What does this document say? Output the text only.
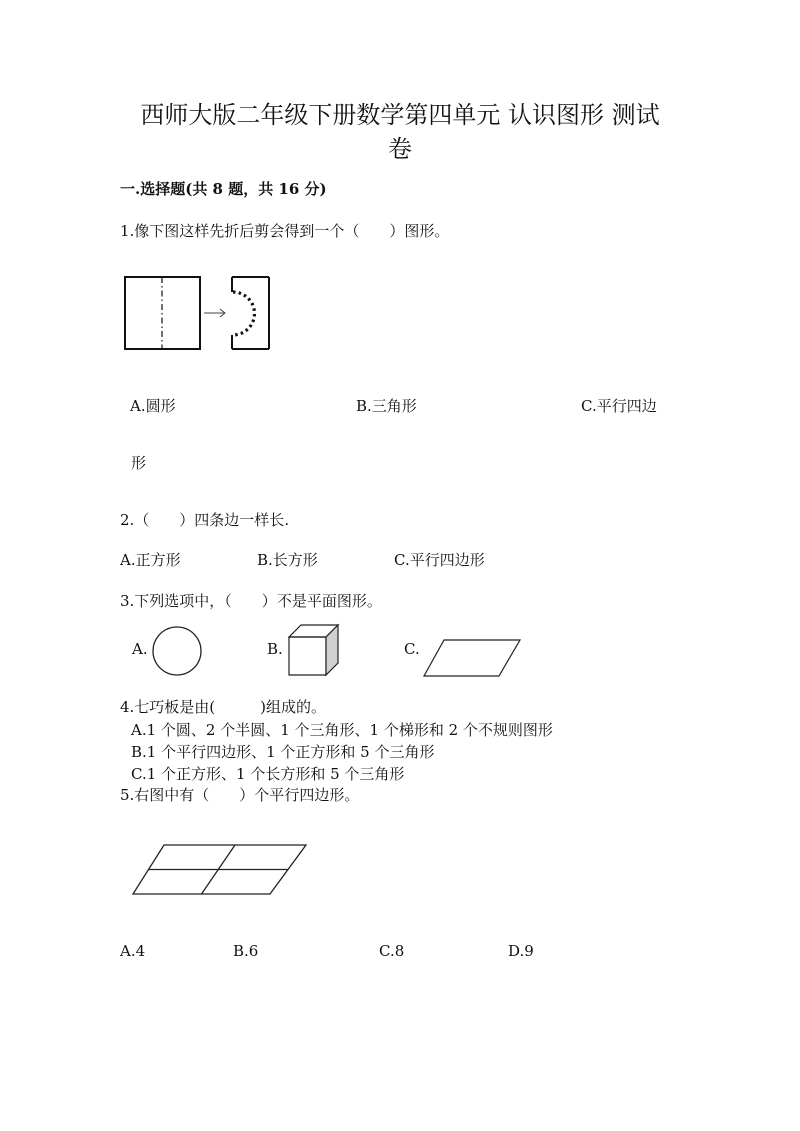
西师大版二年级下册数学第四单元 认识图形 测试
卷
一.选择题(共 8 题，共 16 分)
1.像下图这样先折后剪会得到一个（　　）图形。
A.圆形	B.三角形	C.平行四边
形
2.（　　）四条边一样长.
A.正方形	B.长方形	C.平行四边形
3.下列选项中，（　　）不是平面图形。
A.	B.	C.
4.七巧板是由(　　　)组成的。
A.1 个圆、2 个半圆、1 个三角形、1 个梯形和 2 个不规则图形
B.1 个平行四边形、1 个正方形和 5 个三角形
C.1 个正方形、1 个长方形和 5 个三角形
5.右图中有（　　）个平行四边形。
A.4	B.6	C.8	D.9
